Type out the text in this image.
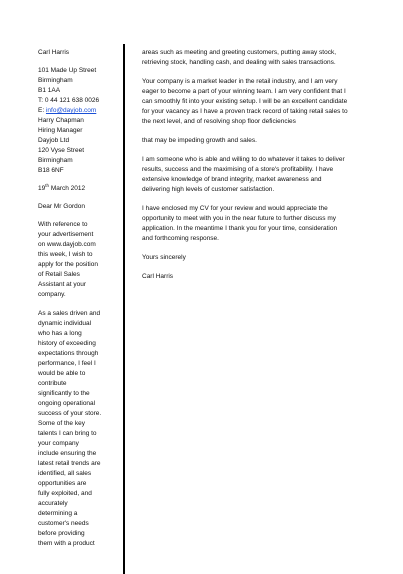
Carl Harris
101 Made Up Street
Birmingham
B1 1AA
T: 0 44 121 638 0026
E: info@dayjob.com
Harry Chapman
Hiring Manager
Dayjob Ltd
120 Vyse Street
Birmingham
B18 6NF
19th March 2012
Dear Mr Gordon
With reference to
your advertisement
on www.dayjob.com
this week, I wish to
apply for the position
of Retail Sales
Assistant at your
company.
As a sales driven and
dynamic individual
who has a long
history of exceeding
expectations through
performance, I feel I
would be able to
contribute
significantly to the
ongoing operational
success of your store.
Some of the key
talents I can bring to
your company
include ensuring the
latest retail trends are
identified, all sales
opportunities are
fully exploited, and
accurately
determining a
customer's needs
before providing
them with a product
areas such as meeting and greeting customers, putting away stock,
retrieving stock, handling cash, and dealing with sales transactions.
Your company is a market leader in the retail industry, and I am very
eager to become a part of your winning team. I am very confident that I
can smoothly fit into your existing setup. I will be an excellent candidate
for your vacancy as I have a proven track record of taking retail sales to
the next level, and of resolving shop floor deficiencies
that may be impeding growth and sales.
I am someone who is able and willing to do whatever it takes to deliver
results, success and the maximising of a store's profitability. I have
extensive knowledge of brand integrity, market awareness and
delivering high levels of customer satisfaction.
I have enclosed my CV for your review and would appreciate the
opportunity to meet with you in the near future to further discuss my
application. In the meantime I thank you for your time, consideration
and forthcoming response.
Yours sincerely
Carl Harris
